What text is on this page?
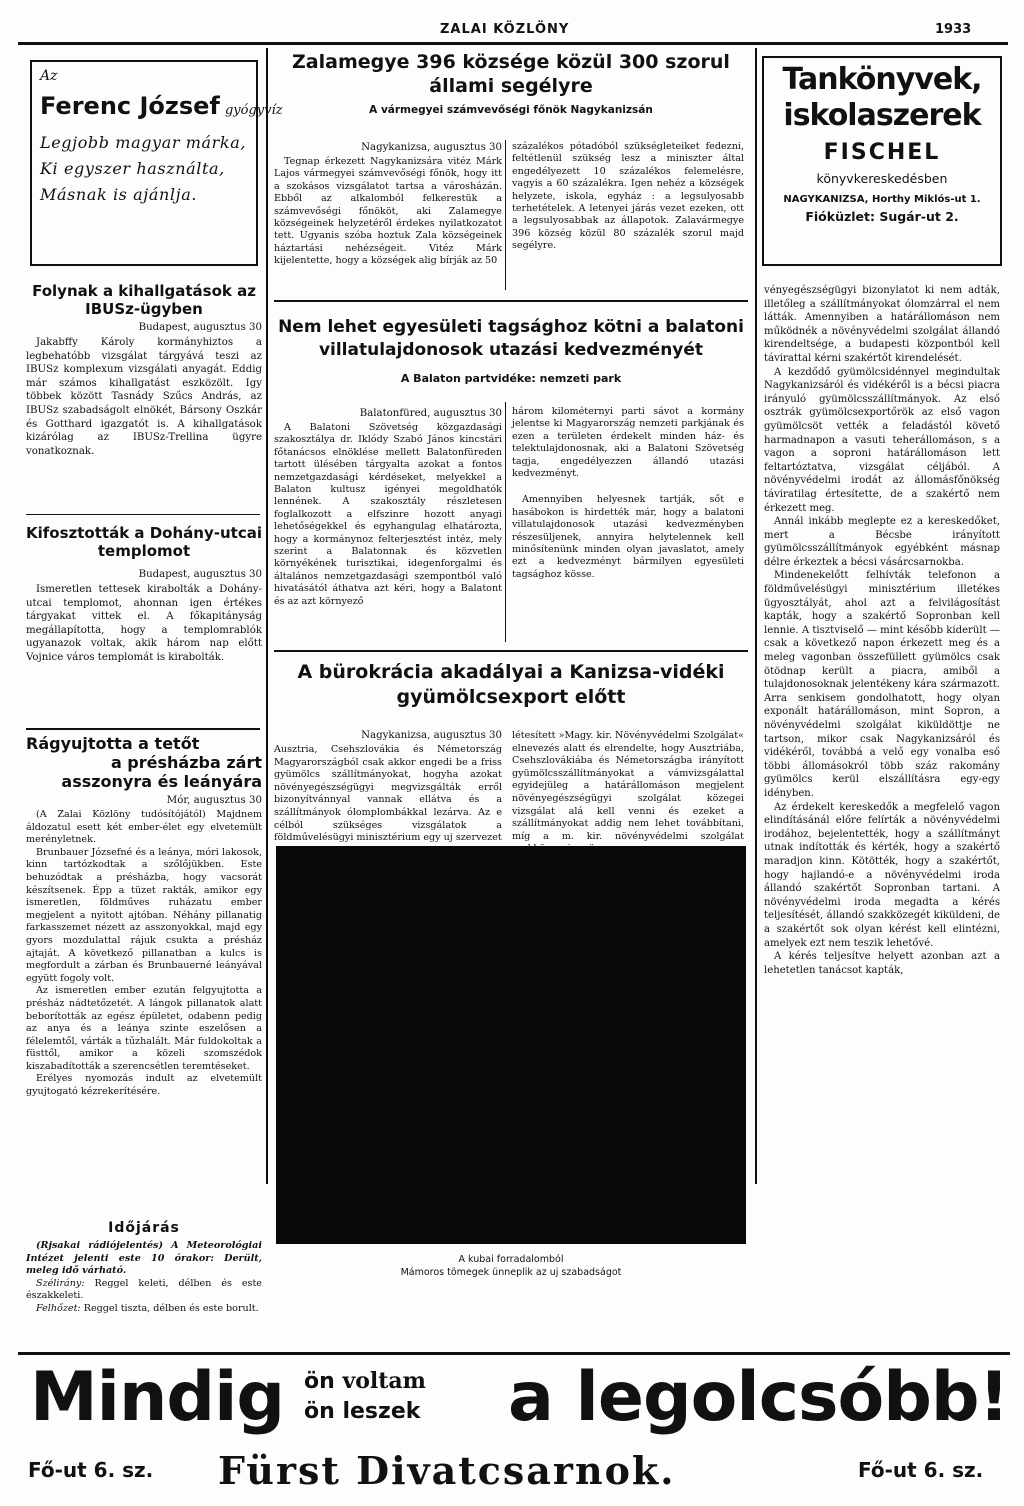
ZALAI KÖZLÖNY	1933
Az
Ferenc József gyógyvíz
Legjobb magyar márka,
Ki egyszer használta,
Másnak is ajánlja.
Folynak a kihallgatások az IBUSz-ügyben
Budapest, augusztus 30
Jakabffy Károly kormányhiztos a legbehatóbb vizsgálat tárgyává teszi az IBUSz komplexum vizsgálati anyagát. Eddig már számos kihallgatást eszközölt. Igy többek között Tasnády Szűcs András, az IBUSz szabadságolt elnökét, Bársony Oszkár és Gotthard igazgatót is. A kihallgatások kizárólag az IBUSz-Trellina ügyre vonatkoznak.
Kifosztották a Dohány-utcai templomot
Budapest, augusztus 30
Ismeretlen tettesek kirabolták a Dohány-utcai templomot, ahonnan igen értékes tárgyakat vittek el. A főkapitányság megállapította, hogy a templomrablók ugyanazok voltak, akik három nap előtt Vojnice város templomát is kirabolták.
Rágyujtotta a tetőt
a présházba zárt asszonyra és leányára
Mór, augusztus 30

(A Zalai Közlöny tudósítójától) Majdnem áldozatul esett két ember-élet egy elvetemült merényletnek.

Brunbauer Józsefné és a leánya, móri lakosok, kinn tartózkodtak a szőlőjükben. Este behuzódtak a présházba, hogy vacsorát készítsenek. Épp a tüzet rakták, amikor egy ismeretlen, földműves ruházatu ember megjelent a nyitott ajtóban. Néhány pillanatig farkasszemet nézett az asszonyokkal, majd egy gyors mozdulattal rájuk csukta a présház ajtaját. A következő pillanatban a kulcs is megfordult a zárban és Brunbauerné leányával együtt fogoly volt.

Az ismeretlen ember ezután felgyujtotta a présház nádtetőzetét. A lángok pillanatok alatt beborították az egész épületet, odabenn pedig az anya és a leánya szinte eszelősen a félelemtől, várták a tűzhalált. Már fuldokoltak a füsttől, amikor a közeli szomszédok kiszabadították a szerencsétlen teremtéseket.

Erélyes nyomozás indult az elvetemült gyujtogató kézrekerítésére.

Időjárás
(Rjsakai rádiójelentés) A Meteorológiai Intézet jelenti este 10 órakor: Derült, meleg idő várható.
Szélirány: Reggel keleti, délben és este északkeleti.
Felhőzet: Reggel tiszta, délben és este borult.
Zalamegye 396 községe közül 300 szorul állami segélyre
A vármegyei számvevőségi főnök Nagykanizsán
Nagykanizsa, augusztus 30
Tegnap érkezett Nagykanizsára vitéz Márk Lajos vármegyei számvevőségi főnök, hogy itt a szokásos vizsgálatot tartsa a városházán. Ebből az alkalomból felkerestük a számvevőségi főnököt, aki Zalamegye községeinek helyzetéről érdekes nyilatkozatot tett. Ugyanis szóba hoztuk Zala községeinek háztartási nehézségeit. Vitéz Márk kijelentette, hogy a községek alig bírják az 50
százalékos pótadóból szükségleteiket fedezni, feltétlenül szükség lesz a miniszter által engedélyezett 10 százalékos felemelésre, vagyis a 60 százalékra. Igen nehéz a községek helyzete, iskola, egyház : a legsulyosabb terhetételek. A letenyei járás vezet ezeken, ott a legsulyosabbak az állapotok. Zalavármegye 396 község közül 80 százalék szorul majd segélyre.
Nem lehet egyesületi tagsághoz kötni a balatoni villatulajdonosok utazási kedvezményét
A Balaton partvidéke: nemzeti park
Balatonfüred, augusztus 30
A Balatoni Szövetség közgazdasági szakosztálya dr. Iklódy Szabó János kincstári főtanácsos elnöklése mellett Balatonfüreden tartott ülésében tárgyalta azokat a fontos nemzetgazdasági kérdéseket, melyekkel a Balaton kultusz igényei megoldhatók lennének. A szakosztály részletesen foglalkozott a elfszinre hozott anyagi lehetőségekkel és egyhangulag elhatározta, hogy a kormánynoz felterjesztést intéz, mely szerint a Balatonnak és közvetlen környékének turisztikai, idegenforgalmi és általános nemzetgazdasági szempontból való hivatásától áthatva azt kéri, hogy a Balatont és az azt környező
három kilométernyi parti sávot a kormány jelentse ki Magyarország nemzeti parkjának és ezen a területen érdekelt minden ház- és telektulajdonosnak, aki a Balatoni Szövetség tagja, engedélyezzen állandó utazási kedvezményt.
Amennyiben helyesnek tartják, sőt e hasábokon is hirdették már, hogy a balatoni villatulajdonosok utazási kedvezményben részesüljenek, annyira helytelennek kell minősítenünk minden olyan javaslatot, amely ezt a kedvezményt bármilyen egyesületi tagsághoz kösse.
A bürokrácia akadályai a Kanizsa-vidéki gyümölcsexport előtt
Nagykanizsa, augusztus 30
Ausztria, Csehszlovákia és Németország Magyarországból csak akkor engedi be a friss gyümölcs szállítmányokat, hogyha azokat növényegészségügyi megvizsgálták erről bizonyítvánnyal vannak ellátva és a szállítmányok ólomplombákkal lezárva. Az e célból szükséges vizsgálatok a földművelésügyi minisztérium egy uj szervezet
létesített »Magy. kir. Növényvédelmi Szolgálat« elnevezés alatt és elrendelte, hogy Ausztriába, Csehszlovákiába és Németországba irányított gyümölcsszállítmányokat a vámvizsgálattal egyidejüleg a határállomáson megjelent növényegészségügyi szolgálat közegei vizsgálat alá kell venni és ezeket a szállítmányokat addig nem lehet továbbítani, míg a m. kir. növényvédelmi szolgálat
A kubai forradalomból
Mámoros tömegek ünneplik az uj szabadságot
Tankönyvek,
iskolaszerek
FISCHEL
könyvkereskedésben
NAGYKANIZSA, Horthy Miklós-ut 1.
Fióküzlet: Sugár-ut 2.

vényegészségügyi bizonylatot ki nem adták, illetőleg a szállítmányokat ólomzárral el nem látták. Amennyiben a határállomáson nem működnék a növényvédelmi szolgálat állandó kirendeltsége, a budapesti központból kell távirattal kérni szakértőt kirendelését.

A kezdődő gyümölcsidénnyel megindultak Nagykanizsáról és vidékéről is a bécsi piacra irányuló gyümölcsszállítmányok. Az első osztrák gyümölcsexportőrök az első vagon gyümölcsöt vették a feladástól követő harmadnapon a vasuti teherállomáson, s a vagon a soproni határállomáson lett feltartóztatva, vizsgálat céljából. A növényvédelmi irodát az állomásfőnökség táviratilag értesítette, de a szakértő nem érkezett meg.

Annál inkább meglepte ez a kereskedőket, mert a Bécsbe irányított gyümölcsszállítmányok egyébként másnap délre érkeztek a bécsi vásárcsarnokba.

Mindenekelőtt felhívták telefonon a földművelésügyi minisztérium illetékes ügyosztályát, ahol azt a felvilágosítást kapták, hogy a szakértő Sopronban kell lennie. A tisztviselő — mint később kiderült — csak a következő napon érkezett meg és a meleg vagonban összefüllett gyümölcs csak ötödnap került a piacra, amiből a tulajdonosoknak jelentékeny kára származott. Arra senkisem gondolhatott, hogy olyan exponált határállomáson, mint Sopron, a növényvédelmi szolgálat kiküldöttje ne tartson, mikor csak Nagykanizsáról és vidékéről, továbbá a velő egy vonalba eső többi állomásokról több száz rakomány gyümölcs kerül elszállításra egy-egy idényben.

Az érdekelt kereskedők a megfelelő vagon elindításánál előre felírták a növényvédelmi irodához, bejelentették, hogy a szállítmányt utnak indították és kérték, hogy a szakértő maradjon kinn. Kötötték, hogy a szakértőt, hogy hajlandó-e a növényvédelmi iroda állandó szakértőt Sopronban tartani. A növényvédelmi iroda megadta a kérés teljesítését, állandó szakközegét kiküldeni, de a szakértőt sok olyan kérést kell elintézni, amelyek ezt nem teszik lehetővé.

A kérés teljesítve helyett azonban azt a lehetetlen tanácsot kapták,

Mindig ön voltam
ön leszek	a legolcsóbb!
Fő-ut 6. sz. Fürst Divatcsarnok.	Fő-ut 6. sz.
